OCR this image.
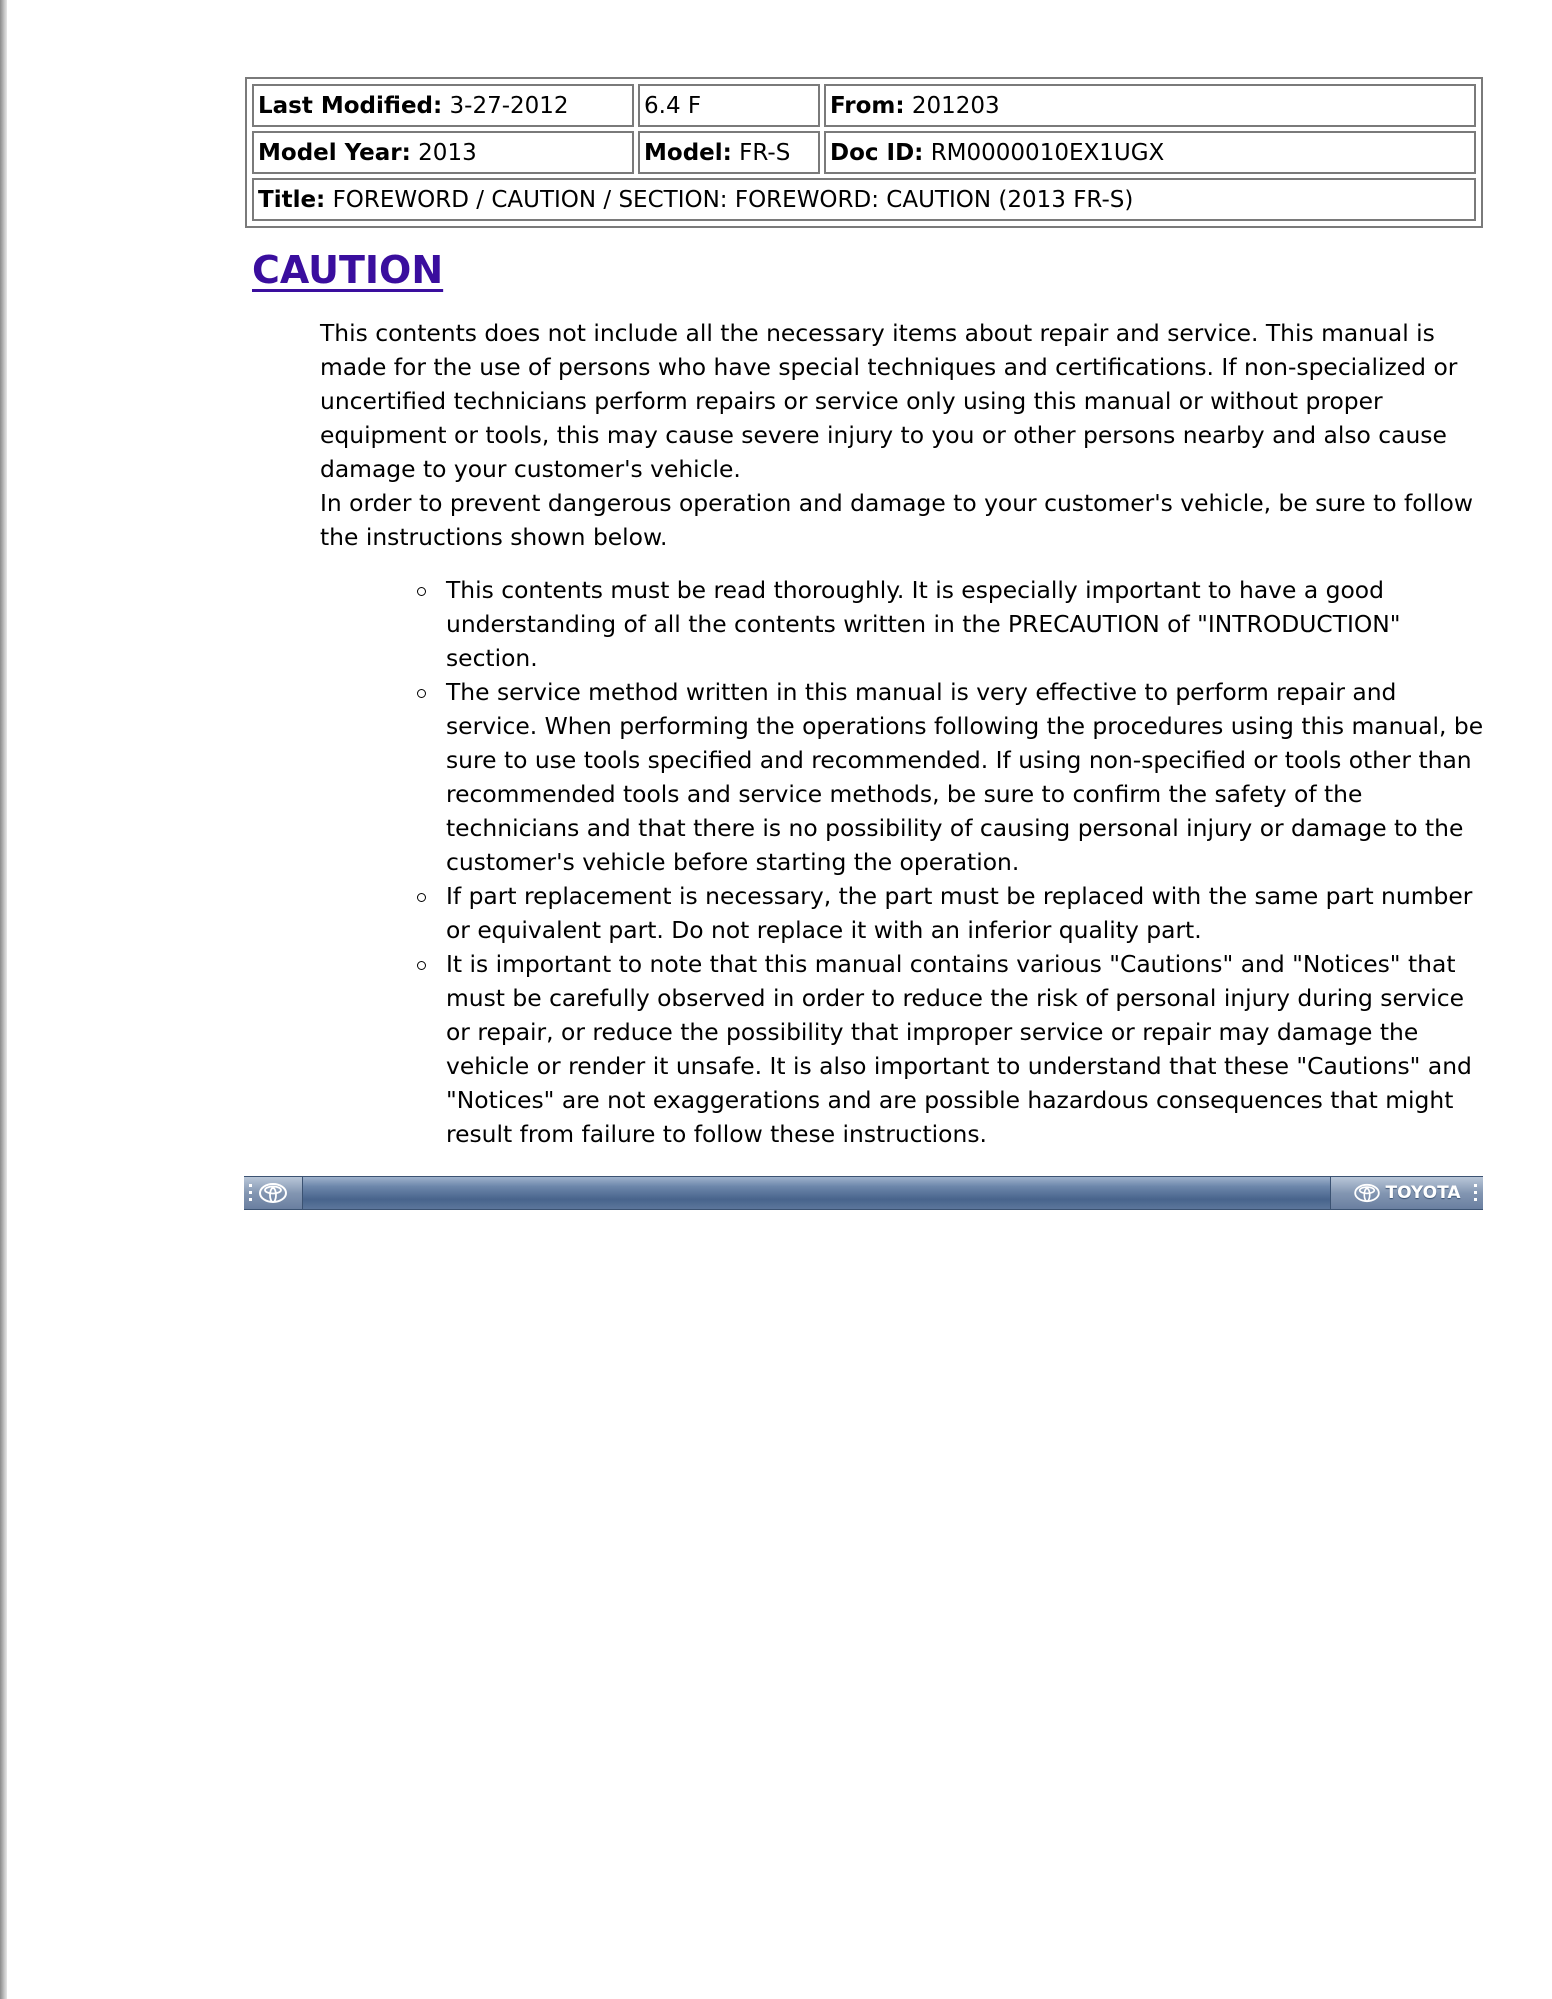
Last Modified: 3-27-2012	6.4 F	From: 201203
Model Year: 2013	Model: FR-S	Doc ID: RM0000010EX1UGX
Title: FOREWORD / CAUTION / SECTION: FOREWORD: CAUTION (2013 FR-S)		
CAUTION

This contents does not include all the necessary items about repair and service. This manual is made for the use of persons who have special techniques and certifications. If non-specialized or uncertified technicians perform repairs or service only using this manual or without proper equipment or tools, this may cause severe injury to you or other persons nearby and also cause damage to your customer's vehicle.

In order to prevent dangerous operation and damage to your customer's vehicle, be sure to follow the instructions shown below.

This contents must be read thoroughly. It is especially important to have a good understanding of all the contents written in the PRECAUTION of "INTRODUCTION" section.
The service method written in this manual is very effective to perform repair and service. When performing the operations following the procedures using this manual, be sure to use tools specified and recommended. If using non-specified or tools other than recommended tools and service methods, be sure to confirm the safety of the technicians and that there is no possibility of causing personal injury or damage to the customer's vehicle before starting the operation.
If part replacement is necessary, the part must be replaced with the same part number or equivalent part. Do not replace it with an inferior quality part.
It is important to note that this manual contains various "Cautions" and "Notices" that must be carefully observed in order to reduce the risk of personal injury during service or repair, or reduce the possibility that improper service or repair may damage the vehicle or render it unsafe. It is also important to understand that these "Cautions" and "Notices" are not exaggerations and are possible hazardous consequences that might result from failure to follow these instructions.
TOYOTA
